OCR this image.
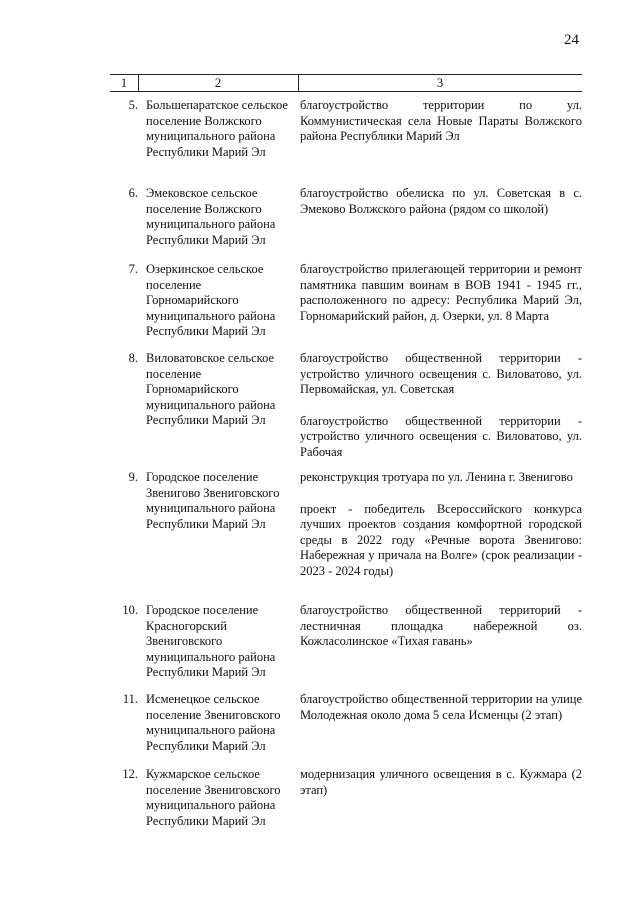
24
1	2	3
5. Большепаратское сельское поселение Волжского муниципального района Республики Марий Эл

благоустройство территории по ул. Коммунистическая села Новые Параты Волжского района Республики Марий Эл

6. Эмековское сельское поселение Волжского муниципального района Республики Марий Эл

благоустройство обелиска по ул. Советская в с. Эмеково Волжского района (рядом со школой)

7. Озеркинское сельское поселение Горномарийского муниципального района Республики Марий Эл

благоустройство прилегающей территории и ремонт памятника павшим воинам в ВОВ 1941 - 1945 гг., расположенного по адресу: Республика Марий Эл, Горномарийский район, д. Озерки, ул. 8 Марта

8. Виловатовское сельское поселение Горномарийского муниципального района Республики Марий Эл

благоустройство общественной территории - устройство уличного освещения с. Виловатово, ул. Первомайская, ул. Советская

благоустройство общественной территории - устройство уличного освещения с. Виловатово, ул. Рабочая

9. Городское поселение Звенигово Звениговского муниципального района Республики Марий Эл

реконструкция тротуара по ул. Ленина г. Звенигово

проект - победитель Всероссийского конкурса лучших проектов создания комфортной городской среды в 2022 году «Речные ворота Звенигово: Набережная у причала на Волге» (срок реализации - 2023 - 2024 годы)

10. Городское поселение Красногорский Звениговского муниципального района Республики Марий Эл

благоустройство общественной территорий - лестничная площадка набережной оз. Кожласолинское «Тихая гавань»

11. Исменецкое сельское поселение Звениговского муниципального района Республики Марий Эл

благоустройство общественной территории на улице Молодежная около дома 5 села Исменцы (2 этап)

12. Кужмарское сельское поселение Звениговского муниципального района Республики Марий Эл

модернизация уличного освещения в с. Кужмара (2 этап)
